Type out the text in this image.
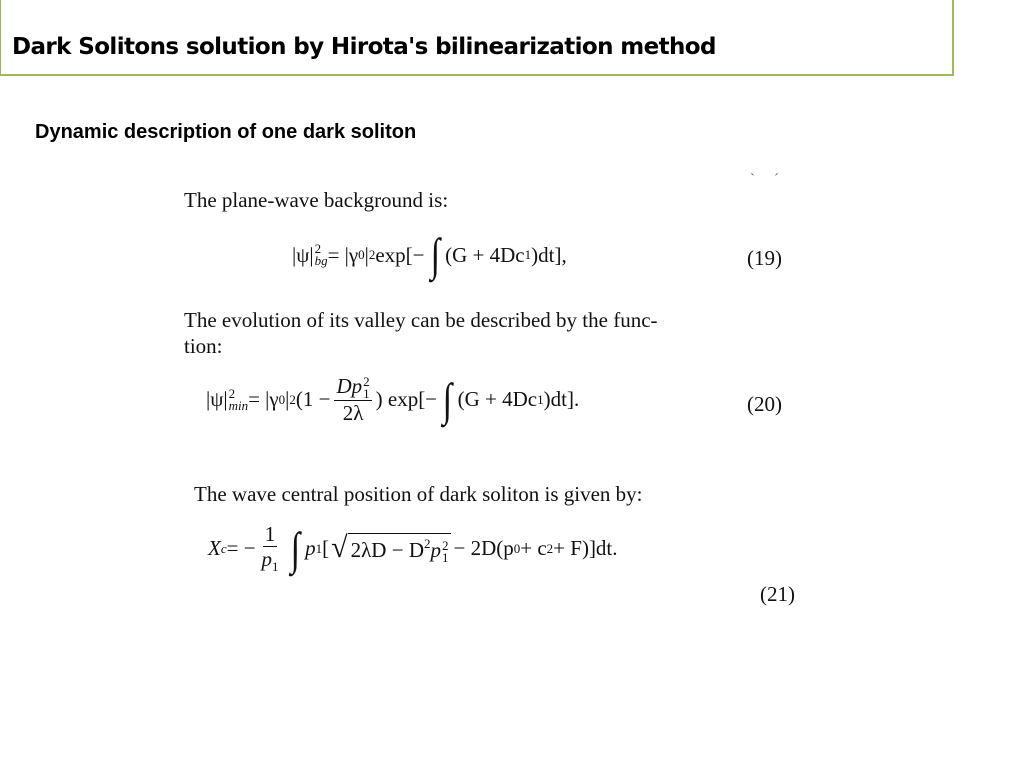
Dark Solitons solution by Hirota's bilinearization method
Dynamic description of one dark soliton
` ´
The plane-wave background is:
|ψ| 2
bg = |γ 0 | 2 exp[− ∫ (G + 4Dc 1 )dt],	(19)
The evolution of its valley can be described by the func-
tion:
|ψ| 2
min = |γ 0 | 2 (1 − Dp 2
1
2λ ) exp[− ∫ (G + 4Dc 1 )dt].	(20)
The wave central position of dark soliton is given by:
X c = − $\frac{1}{p_1}$ ∫ p 1 [ √ $2\lambda D - D^2p$ 2
1 − 2D(p 0 + c 2 + F)]dt.
(21)
